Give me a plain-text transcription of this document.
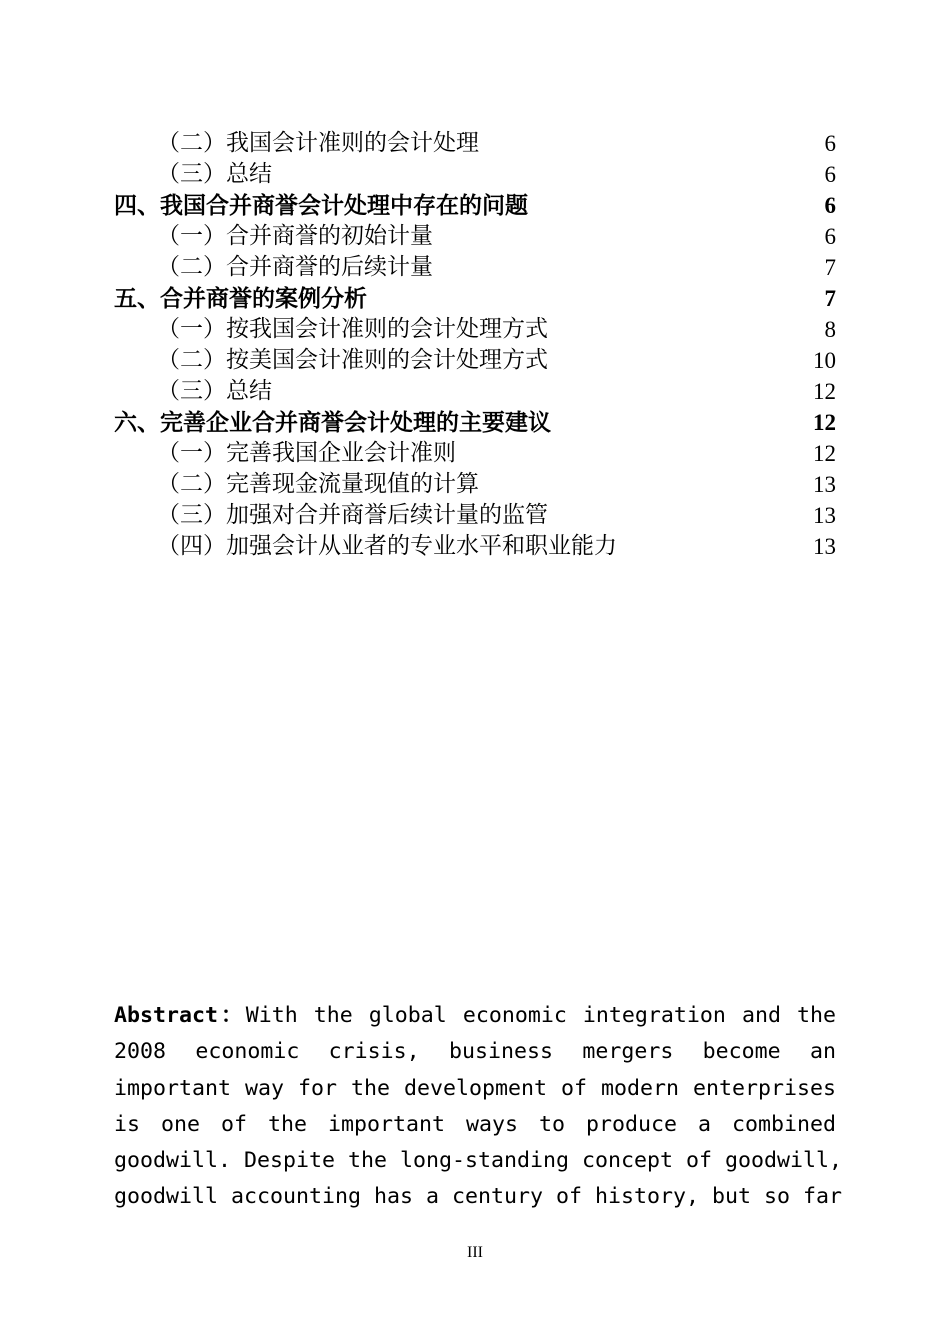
（二）我国会计准则的会计处理	6
（三）总结	6
四、我国合并商誉会计处理中存在的问题	6
（一）合并商誉的初始计量	6
（二）合并商誉的后续计量	7
五、合并商誉的案例分析	7
（一）按我国会计准则的会计处理方式	8
（二）按美国会计准则的会计处理方式	10
（三）总结	12
六、完善企业合并商誉会计处理的主要建议	12
（一）完善我国企业会计准则	12
（二）完善现金流量现值的计算	13
（三）加强对合并商誉后续计量的监管	13
（四）加强会计从业者的专业水平和职业能力	13
Abstract：With the global economic integration and the
2008 economic crisis, business mergers become an
important way for the development of modern enterprises
is one of the important ways to produce a combined
goodwill. Despite the long-standing concept of goodwill,
goodwill accounting has a century of history, but so far
III
